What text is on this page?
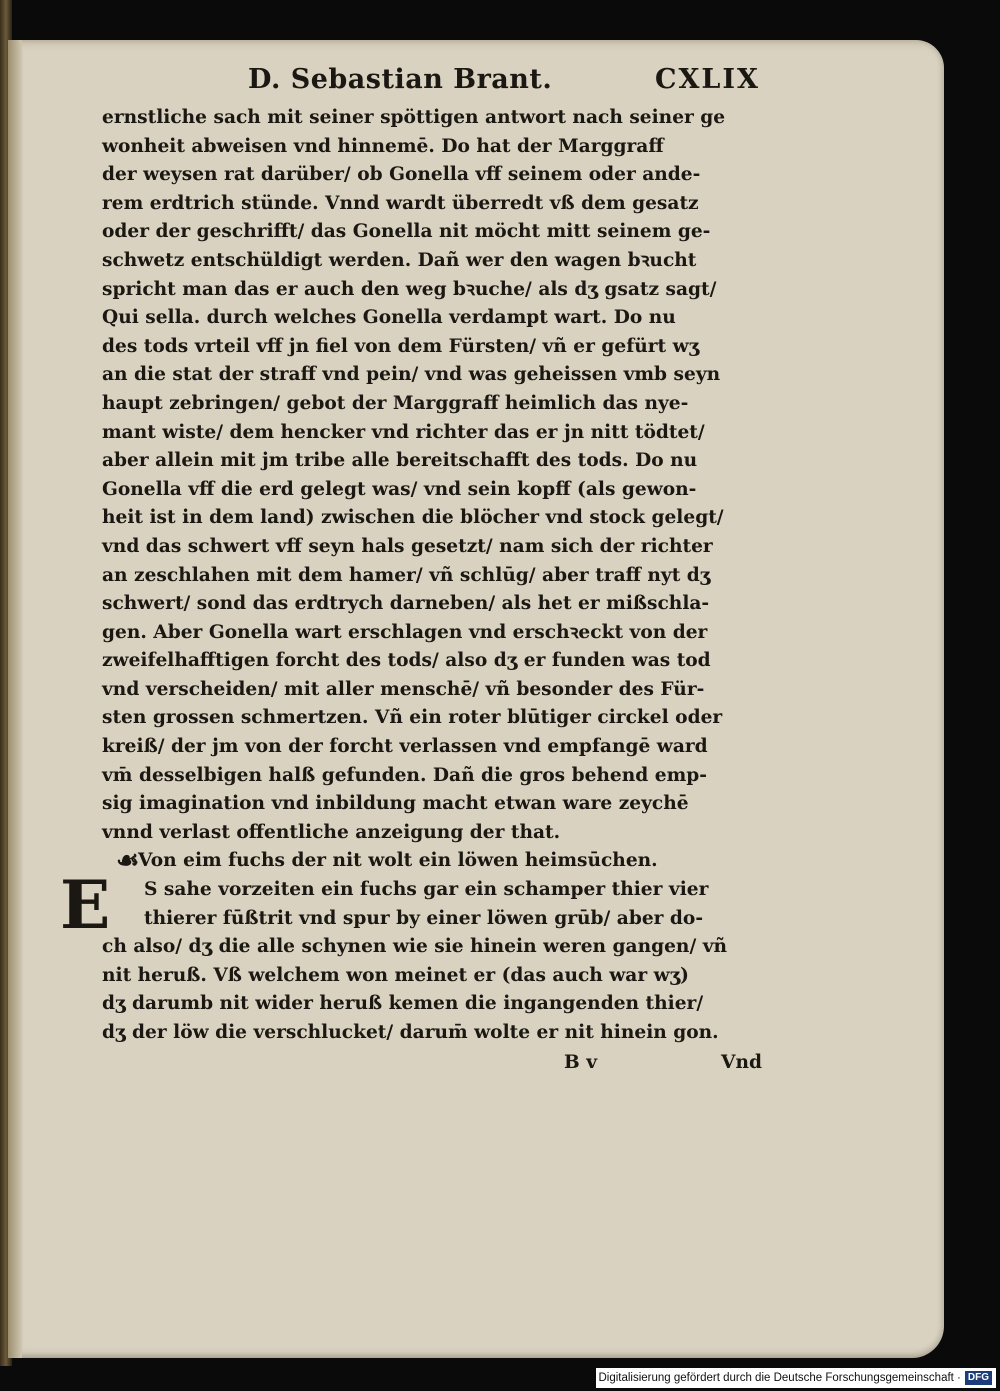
D. Sebastian Brant.	CXLIX
ernstliche sach mit seiner spöttigen antwort nach seiner ge
wonheit abweisen vnd hinnemē. Do hat der Marggraff
der weysen rat darüber/ ob Gonella vff seinem oder ande-
rem erdtrich stünde. Vnnd wardt überredt vß dem gesatz
oder der geschrifft/ das Gonella nit möcht mitt seinem ge-
schwetz entschüldigt werden. Dañ wer den wagen bꝛucht
spricht man das er auch den weg bꝛuche/ als dʒ gsatz sagt/
Qui sella. durch welches Gonella verdampt wart. Do nu
des tods vrteil vff jn fiel von dem Fürsten/ vñ er gefürt wʒ
an die stat der straff vnd pein/ vnd was geheissen vmb seyn
haupt zebringen/ gebot der Marggraff heimlich das nye-
mant wiste/ dem hencker vnd richter das er jn nitt tödtet/
aber allein mit jm tribe alle bereitschafft des tods. Do nu
Gonella vff die erd gelegt was/ vnd sein kopff (als gewon-
heit ist in dem land) zwischen die blöcher vnd stock gelegt/
vnd das schwert vff seyn hals gesetzt/ nam sich der richter
an zeschlahen mit dem hamer/ vñ schlūg/ aber traff nyt dʒ
schwert/ sond das erdtrych darneben/ als het er mißschla-
gen. Aber Gonella wart erschlagen vnd erschꝛeckt von der
zweifelhafftigen forcht des tods/ also dʒ er funden was tod
vnd verscheiden/ mit aller menschē/ vñ besonder des Für-
sten grossen schmertzen. Vñ ein roter blūtiger circkel oder
kreiß/ der jm von der forcht verlassen vnd empfangē ward
vm̄ desselbigen halß gefunden. Dañ die gros behend emp-
sig imagination vnd inbildung macht etwan ware zeychē
vnnd verlast offentliche anzeigung der that.
☙Von eim fuchs der nit wolt ein löwen heimsūchen.
E S sahe vorzeiten ein fuchs gar ein schamper thier vier
thierer fūßtrit vnd spur by einer löwen grūb/ aber do-
ch also/ dʒ die alle schynen wie sie hinein weren gangen/ vñ
nit heruß. Vß welchem won meinet er (das auch war wʒ)
dʒ darumb nit wider heruß kemen die ingangenden thier/
dʒ der löw die verschlucket/ darum̄ wolte er nit hinein gon.
B v	Vnd
Digitalisierung gefördert durch die Deutsche Forschungsgemeinschaft · DFG
